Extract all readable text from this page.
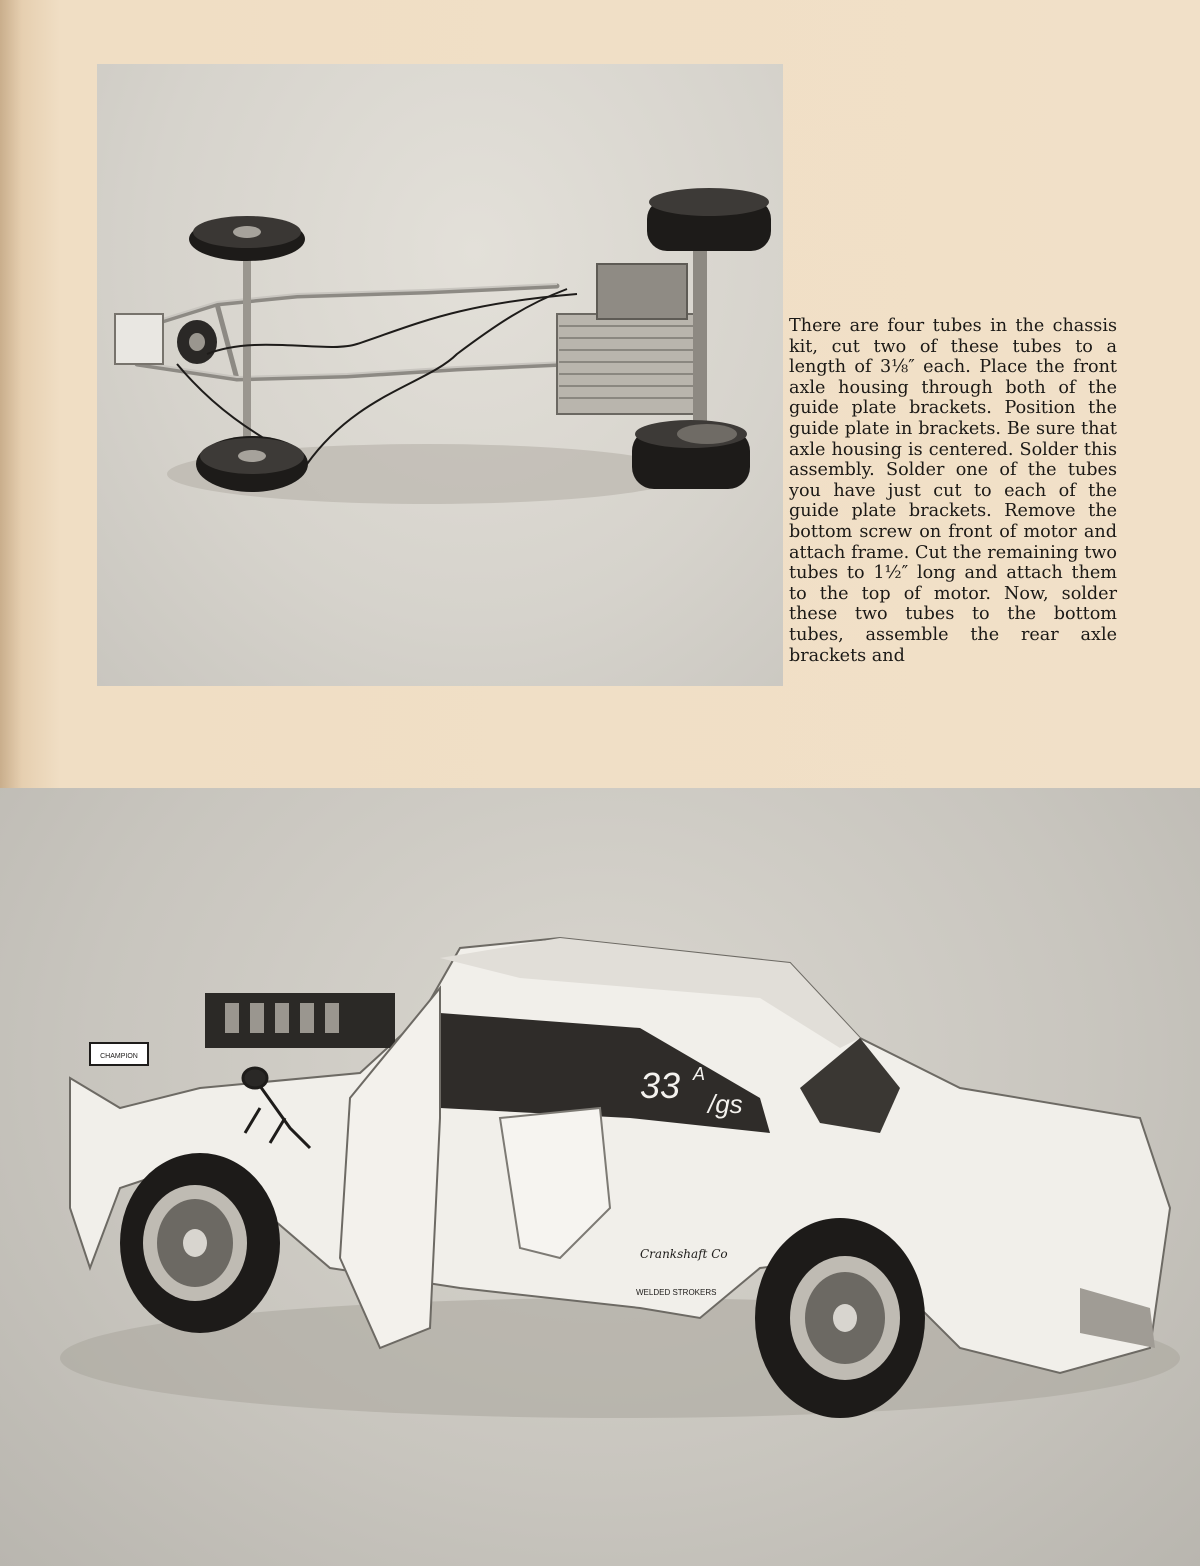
There are four tubes in the chassis kit, cut two of these tubes to a length of 3⅛″ each. Place the front axle housing through both of the guide plate brackets. Position the guide plate in brackets. Be sure that axle housing is centered. Solder this assembly. Solder one of the tubes you have just cut to each of the guide plate brackets. Remove the bottom screw on front of motor and attach frame. Cut the remaining two tubes to 1½″ long and attach them to the top of motor. Now, solder these two tubes to the bottom tubes, assemble the rear axle brackets and

CHAMPION
33 A
/gs
Crankshaft Co
WELDED STROKERS
